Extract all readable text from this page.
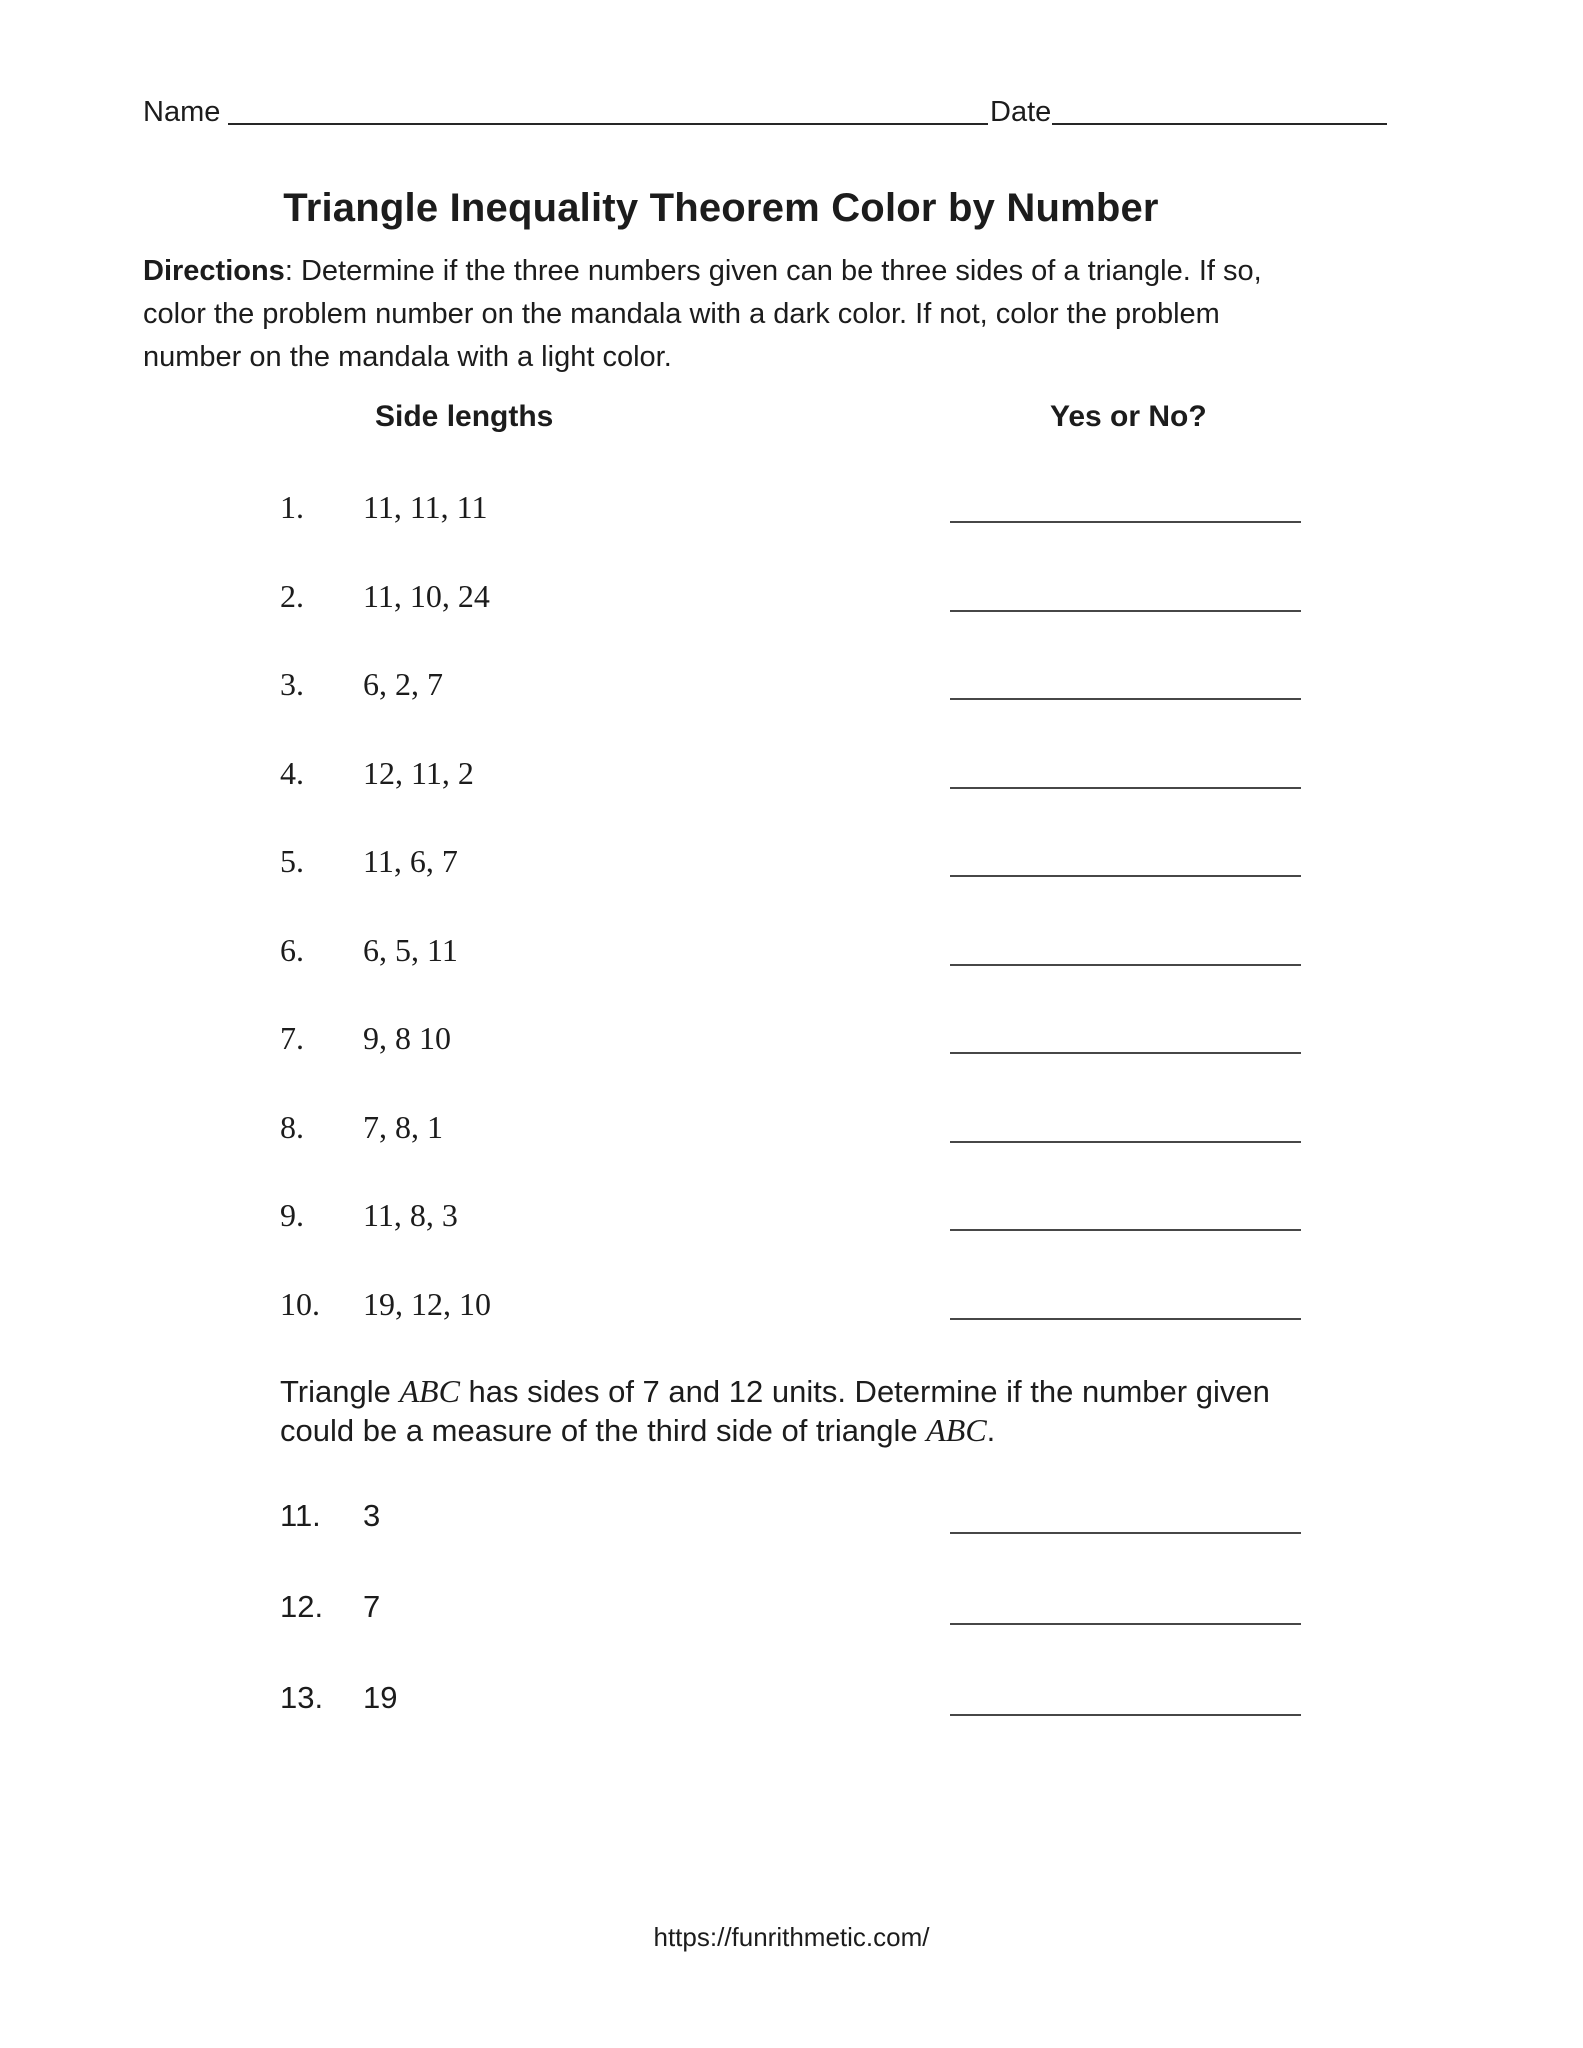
Name	Date
Triangle Inequality Theorem Color by Number
Directions: Determine if the three numbers given can be three sides of a triangle. If so,
color the problem number on the mandala with a dark color. If not, color the problem
number on the mandala with a light color.
Side lengths	Yes or No?
1. 11, 11, 11
2. 11, 10, 24
3. 6, 2, 7
4. 12, 11, 2
5. 11, 6, 7
6. 6, 5, 11
7. 9, 8 10
8. 7, 8, 1
9. 11, 8, 3
10. 19, 12, 10
Triangle ABC has sides of 7 and 12 units. Determine if the number given
could be a measure of the third side of triangle ABC.
11. 3
12. 7
13. 19
https://funrithmetic.com/
